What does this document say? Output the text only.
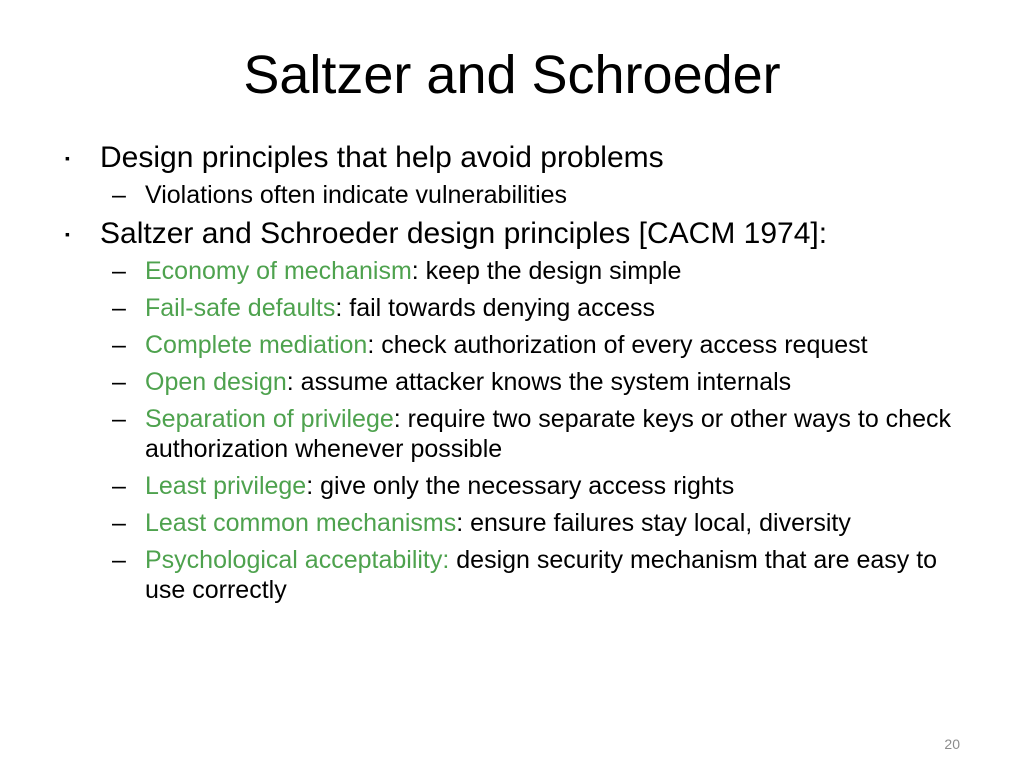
Saltzer and Schroeder
▪ Design principles that help avoid problems
– Violations often indicate vulnerabilities
▪ Saltzer and Schroeder design principles [CACM 1974]:
– Economy of mechanism: keep the design simple
– Fail-safe defaults: fail towards denying access
– Complete mediation: check authorization of every access request
– Open design: assume attacker knows the system internals
– Separation of privilege: require two separate keys or other ways to check authorization whenever possible
– Least privilege: give only the necessary access rights
– Least common mechanisms: ensure failures stay local, diversity
– Psychological acceptability: design security mechanism that are easy to use correctly
20
